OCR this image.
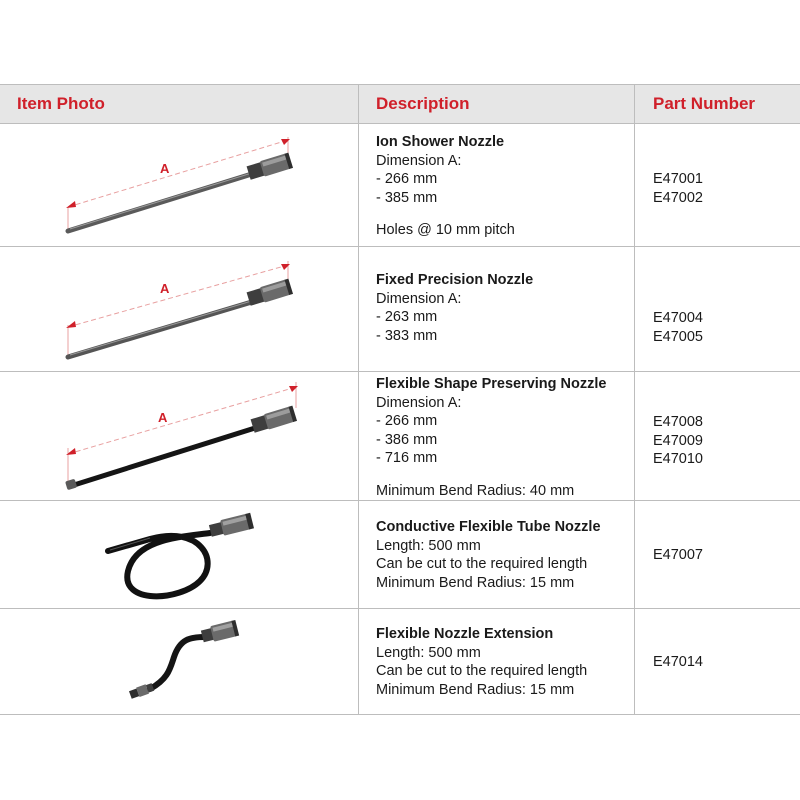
Item Photo	Description	Part Number
A
Ion Shower Nozzle
Dimension A:
- 266 mm
- 385 mm
Holes @ 10 mm pitch
E47001
E47002
A
Fixed Precision Nozzle
Dimension A:
- 263 mm
- 383 mm
E47004
E47005
A
Flexible Shape Preserving Nozzle
Dimension A:
- 266 mm
- 386 mm
- 716 mm
Minimum Bend Radius: 40 mm
E47008
E47009
E47010
Conductive Flexible Tube Nozzle
Length: 500 mm
Can be cut to the required length
Minimum Bend Radius: 15 mm
E47007
Flexible Nozzle Extension
Length: 500 mm
Can be cut to the required length
Minimum Bend Radius: 15 mm
E47014
